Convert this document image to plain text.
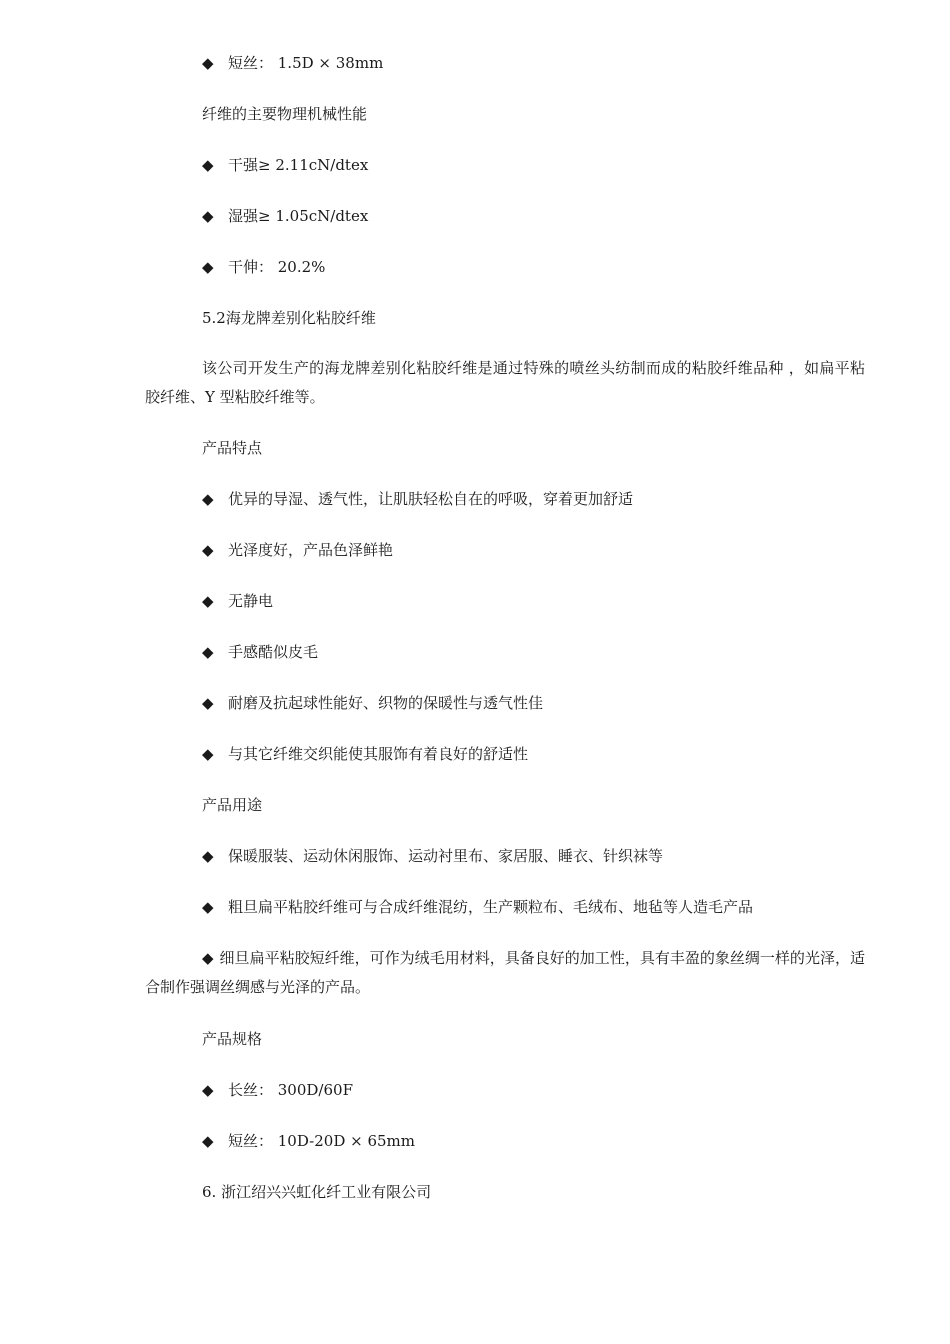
◆ 短丝： 1.5D × 38mm
纤维的主要物理机械性能
◆ 干强≥ 2.11cN/dtex
◆ 湿强≥ 1.05cN/dtex
◆ 干伸： 20.2%
5.2海龙牌差别化粘胶纤维
该公司开发生产的海龙牌差别化粘胶纤维是通过特殊的喷丝头纺制而成的粘胶纤维品种 ，如扁平粘胶纤维、Y 型粘胶纤维等。
产品特点
◆ 优异的导湿、透气性，让肌肤轻松自在的呼吸，穿着更加舒适
◆ 光泽度好，产品色泽鲜艳
◆ 无静电
◆ 手感酷似皮毛
◆ 耐磨及抗起球性能好、织物的保暖性与透气性佳
◆ 与其它纤维交织能使其服饰有着良好的舒适性
产品用途
◆ 保暖服装、运动休闲服饰、运动衬里布、家居服、睡衣、针织袜等
◆ 粗旦扁平粘胶纤维可与合成纤维混纺，生产颗粒布、毛绒布、地毡等人造毛产品
◆ 细旦扁平粘胶短纤维，可作为绒毛用材料，具备良好的加工性，具有丰盈的象丝绸一样的光泽，适合制作强调丝绸感与光泽的产品。
产品规格
◆ 长丝： 300D/60F
◆ 短丝： 10D-20D × 65mm
6. 浙江绍兴兴虹化纤工业有限公司
